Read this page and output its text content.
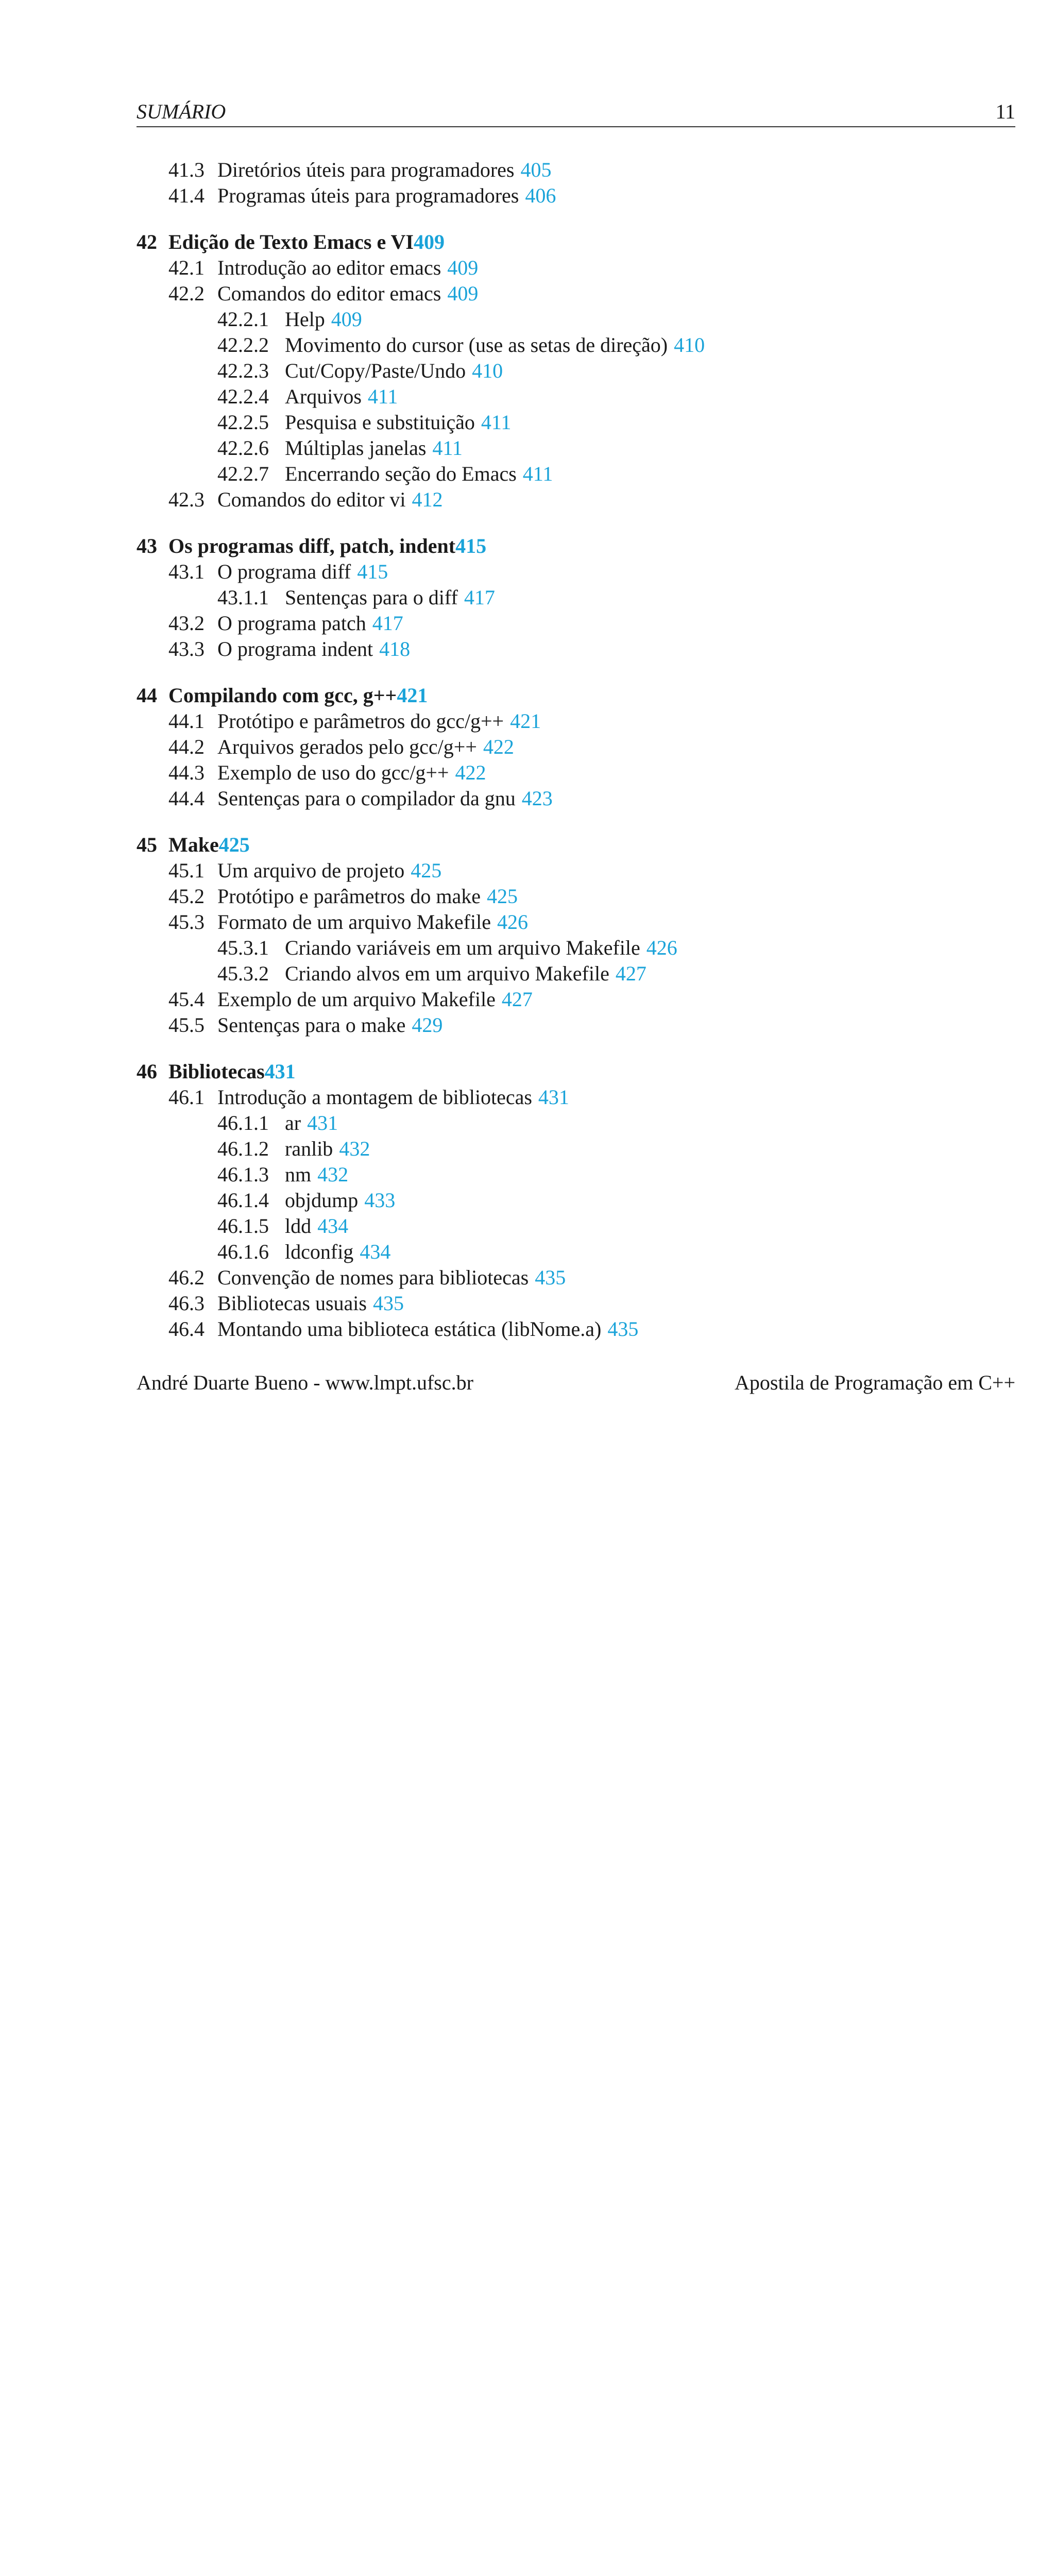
SUMÁRIO	11
41.3 Diretórios úteis para programadores 405
41.4 Programas úteis para programadores 406
42 Edição de Texto Emacs e VI 409
42.1 Introdução ao editor emacs 409
42.2 Comandos do editor emacs 409
42.2.1 Help 409
42.2.2 Movimento do cursor (use as setas de direção) 410
42.2.3 Cut/Copy/Paste/Undo 410
42.2.4 Arquivos 411
42.2.5 Pesquisa e substituição 411
42.2.6 Múltiplas janelas 411
42.2.7 Encerrando seção do Emacs 411
42.3 Comandos do editor vi 412
43 Os programas diff, patch, indent 415
43.1 O programa diff 415
43.1.1 Sentenças para o diff 417
43.2 O programa patch 417
43.3 O programa indent 418
44 Compilando com gcc, g++ 421
44.1 Protótipo e parâmetros do gcc/g++ 421
44.2 Arquivos gerados pelo gcc/g++ 422
44.3 Exemplo de uso do gcc/g++ 422
44.4 Sentenças para o compilador da gnu 423
45 Make 425
45.1 Um arquivo de projeto 425
45.2 Protótipo e parâmetros do make 425
45.3 Formato de um arquivo Makefile 426
45.3.1 Criando variáveis em um arquivo Makefile 426
45.3.2 Criando alvos em um arquivo Makefile 427
45.4 Exemplo de um arquivo Makefile 427
45.5 Sentenças para o make 429
46 Bibliotecas 431
46.1 Introdução a montagem de bibliotecas 431
46.1.1 ar 431
46.1.2 ranlib 432
46.1.3 nm 432
46.1.4 objdump 433
46.1.5 ldd 434
46.1.6 ldconfig 434
46.2 Convenção de nomes para bibliotecas 435
46.3 Bibliotecas usuais 435
46.4 Montando uma biblioteca estática (libNome.a) 435
André Duarte Bueno - www.lmpt.ufsc.br	Apostila de Programação em C++
